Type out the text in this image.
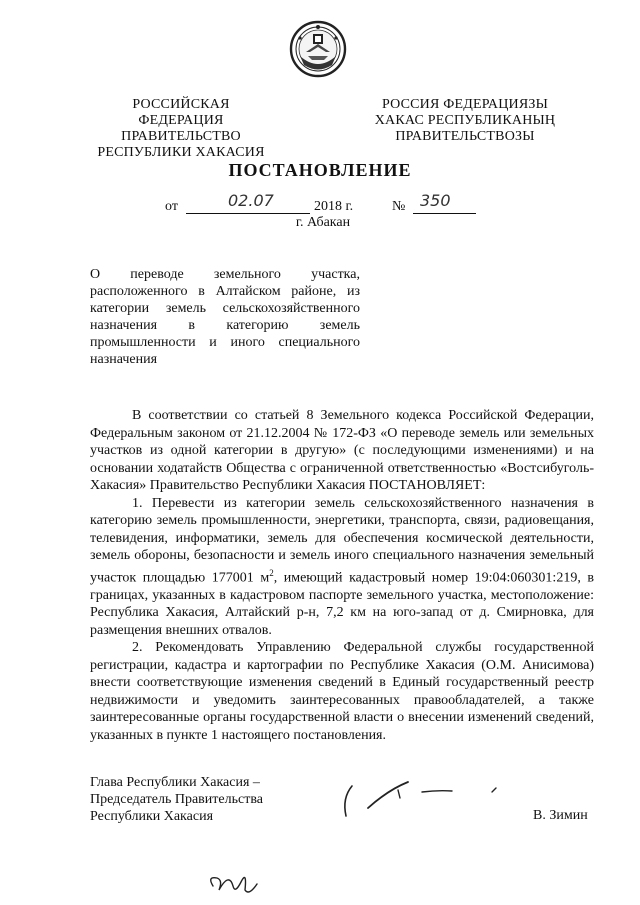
РОССИЙСКАЯ ФЕДЕРАЦИЯ
ПРАВИТЕЛЬСТВО
РЕСПУБЛИКИ ХАКАСИЯ
РОССИЯ ФЕДЕРАЦИЯЗЫ
ХАКАС РЕСПУБЛИКАНЫҢ
ПРАВИТЕЛЬСТВОЗЫ
ПОСТАНОВЛЕНИЕ
от	02.07	2018 г.	№ 350
г. Абакан
О переводе земельного участка, расположенного в Алтайском районе, из категории земель сельскохозяйственного назначения в категорию земель промышленности и иного специального назначения

В соответствии со статьей 8 Земельного кодекса Российской Федерации, Федеральным законом от 21.12.2004 № 172-ФЗ «О переводе земель или земельных участков из одной категории в другую» (с последующими изменениями) и на основании ходатайств Общества с ограниченной ответственностью «Востсибуголь-Хакасия» Правительство Республики Хакасия ПОСТАНОВЛЯЕТ:

1. Перевести из категории земель сельскохозяйственного назначения в категорию земель промышленности, энергетики, транспорта, связи, радиовещания, телевидения, информатики, земель для обеспечения космической деятельности, земель обороны, безопасности и земель иного специального назначения земельный участок площадью 177001 $м^2$, имеющий кадастровый номер 19:04:060301:219, в границах, указанных в кадастровом паспорте земельного участка, местоположение: Республика Хакасия, Алтайский р-н, 7,2 км на юго-запад от д. Смирновка, для размещения внешних отвалов.

2. Рекомендовать Управлению Федеральной службы государственной регистрации, кадастра и картографии по Республике Хакасия (О.М. Анисимова) внести соответствующие изменения сведений в Единый государственный реестр недвижимости и уведомить заинтересованных правообладателей, а также заинтересованные органы государственной власти о внесении изменений сведений, указанных в пункте 1 настоящего постановления.

Глава Республики Хакасия –
Председатель Правительства
Республики Хакасия	В. Зимин
